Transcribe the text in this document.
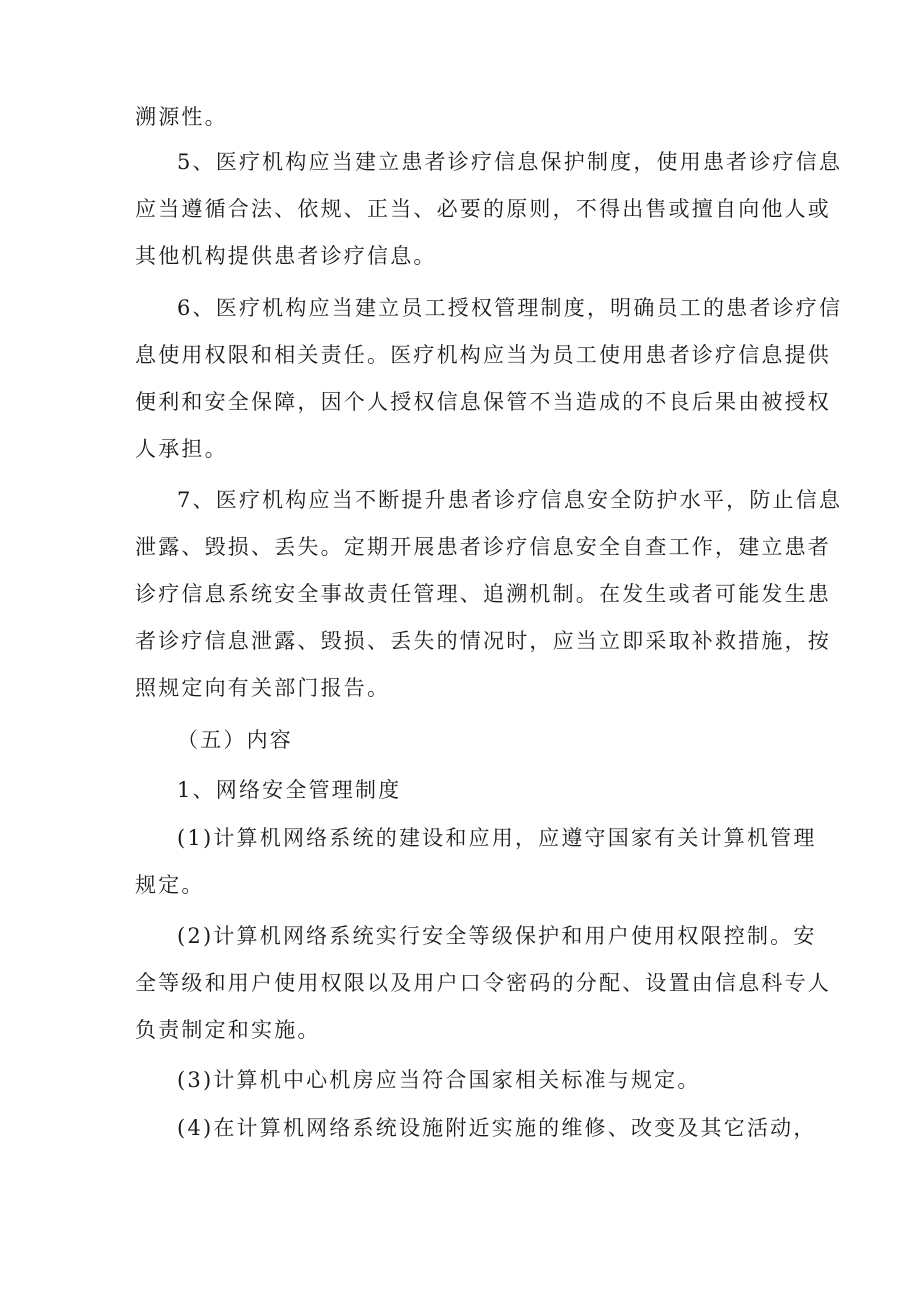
溯源性。
5、医疗机构应当建立患者诊疗信息保护制度，使用患者诊疗信息
应当遵循合法、依规、正当、必要的原则，不得出售或擅自向他人或
其他机构提供患者诊疗信息。
6、医疗机构应当建立员工授权管理制度，明确员工的患者诊疗信
息使用权限和相关责任。医疗机构应当为员工使用患者诊疗信息提供
便利和安全保障，因个人授权信息保管不当造成的不良后果由被授权
人承担。
7、医疗机构应当不断提升患者诊疗信息安全防护水平，防止信息
泄露、毁损、丢失。定期开展患者诊疗信息安全自查工作，建立患者
诊疗信息系统安全事故责任管理、追溯机制。在发生或者可能发生患
者诊疗信息泄露、毁损、丢失的情况时，应当立即采取补救措施，按
照规定向有关部门报告。
（五）内容
1、网络安全管理制度
(1)计算机网络系统的建设和应用，应遵守国家有关计算机管理
规定。
(2)计算机网络系统实行安全等级保护和用户使用权限控制。安
全等级和用户使用权限以及用户口令密码的分配、设置由信息科专人
负责制定和实施。
(3)计算机中心机房应当符合国家相关标准与规定。
(4)在计算机网络系统设施附近实施的维修、改变及其它活动，
